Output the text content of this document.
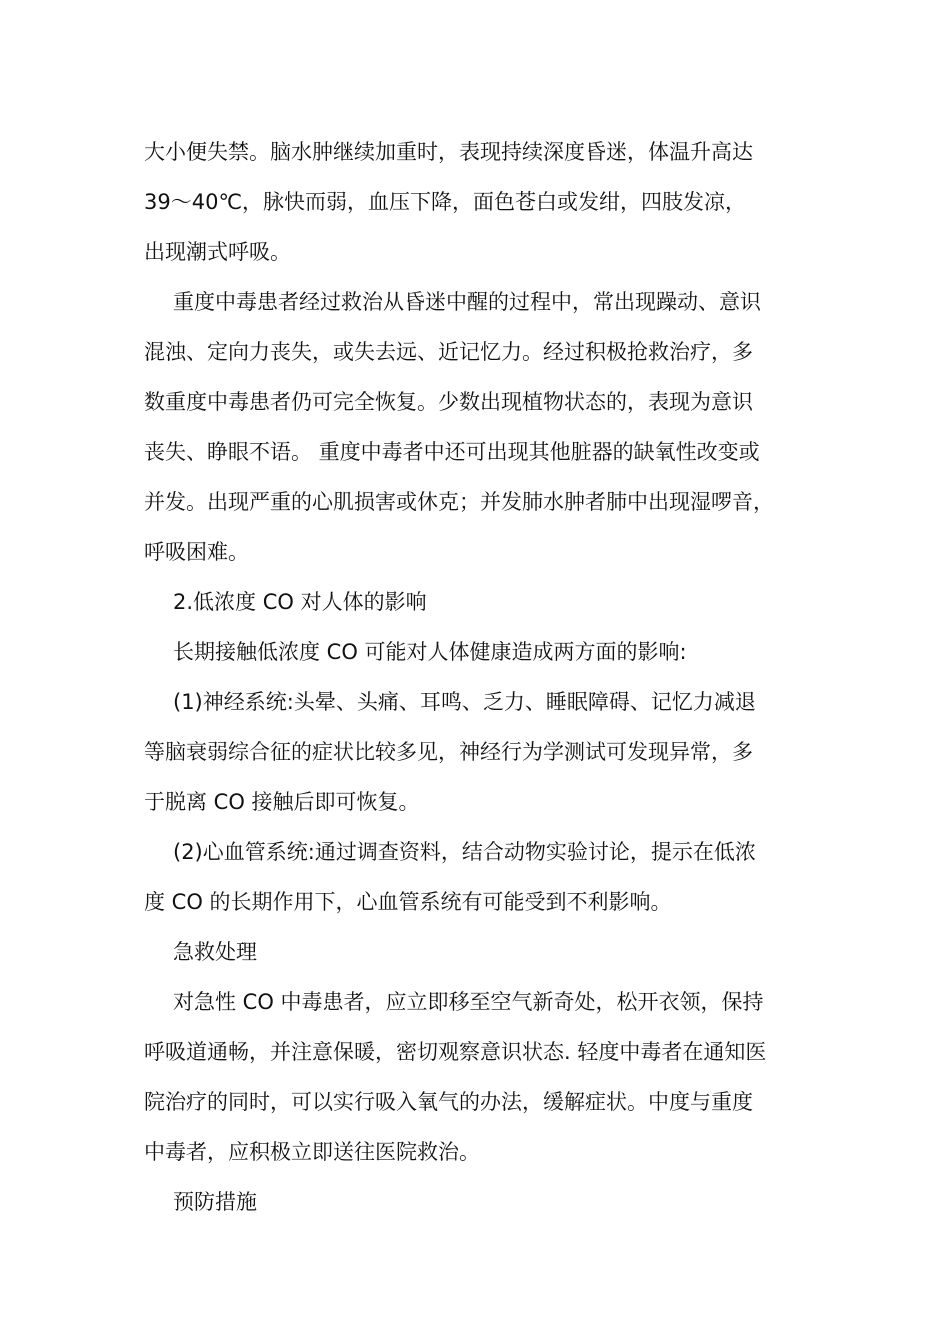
大小便失禁。脑水肿继续加重时，表现持续深度昏迷，体温升高达
39～40℃，脉快而弱，血压下降，面色苍白或发绀，四肢发凉，
出现潮式呼吸。
重度中毒患者经过救治从昏迷中醒的过程中，常出现躁动、意识
混浊、定向力丧失，或失去远、近记忆力。经过积极抢救治疗，多
数重度中毒患者仍可完全恢复。少数出现植物状态的，表现为意识
丧失、睁眼不语。 重度中毒者中还可出现其他脏器的缺氧性改变或
并发。出现严重的心肌损害或休克；并发肺水肿者肺中出现湿啰音，
呼吸困难。
2.低浓度 CO 对人体的影响
长期接触低浓度 CO 可能对人体健康造成两方面的影响:
(1)神经系统:头晕、头痛、耳鸣、乏力、睡眠障碍、记忆力减退
等脑衰弱综合征的症状比较多见，神经行为学测试可发现异常，多
于脱离 CO 接触后即可恢复。
(2)心血管系统:通过调查资料，结合动物实验讨论，提示在低浓
度 CO 的长期作用下，心血管系统有可能受到不利影响。
急救处理
对急性 CO 中毒患者，应立即移至空气新奇处，松开衣领，保持
呼吸道通畅，并注意保暖，密切观察意识状态. 轻度中毒者在通知医
院治疗的同时，可以实行吸入氧气的办法，缓解症状。中度与重度
中毒者，应积极立即送往医院救治。
预防措施
